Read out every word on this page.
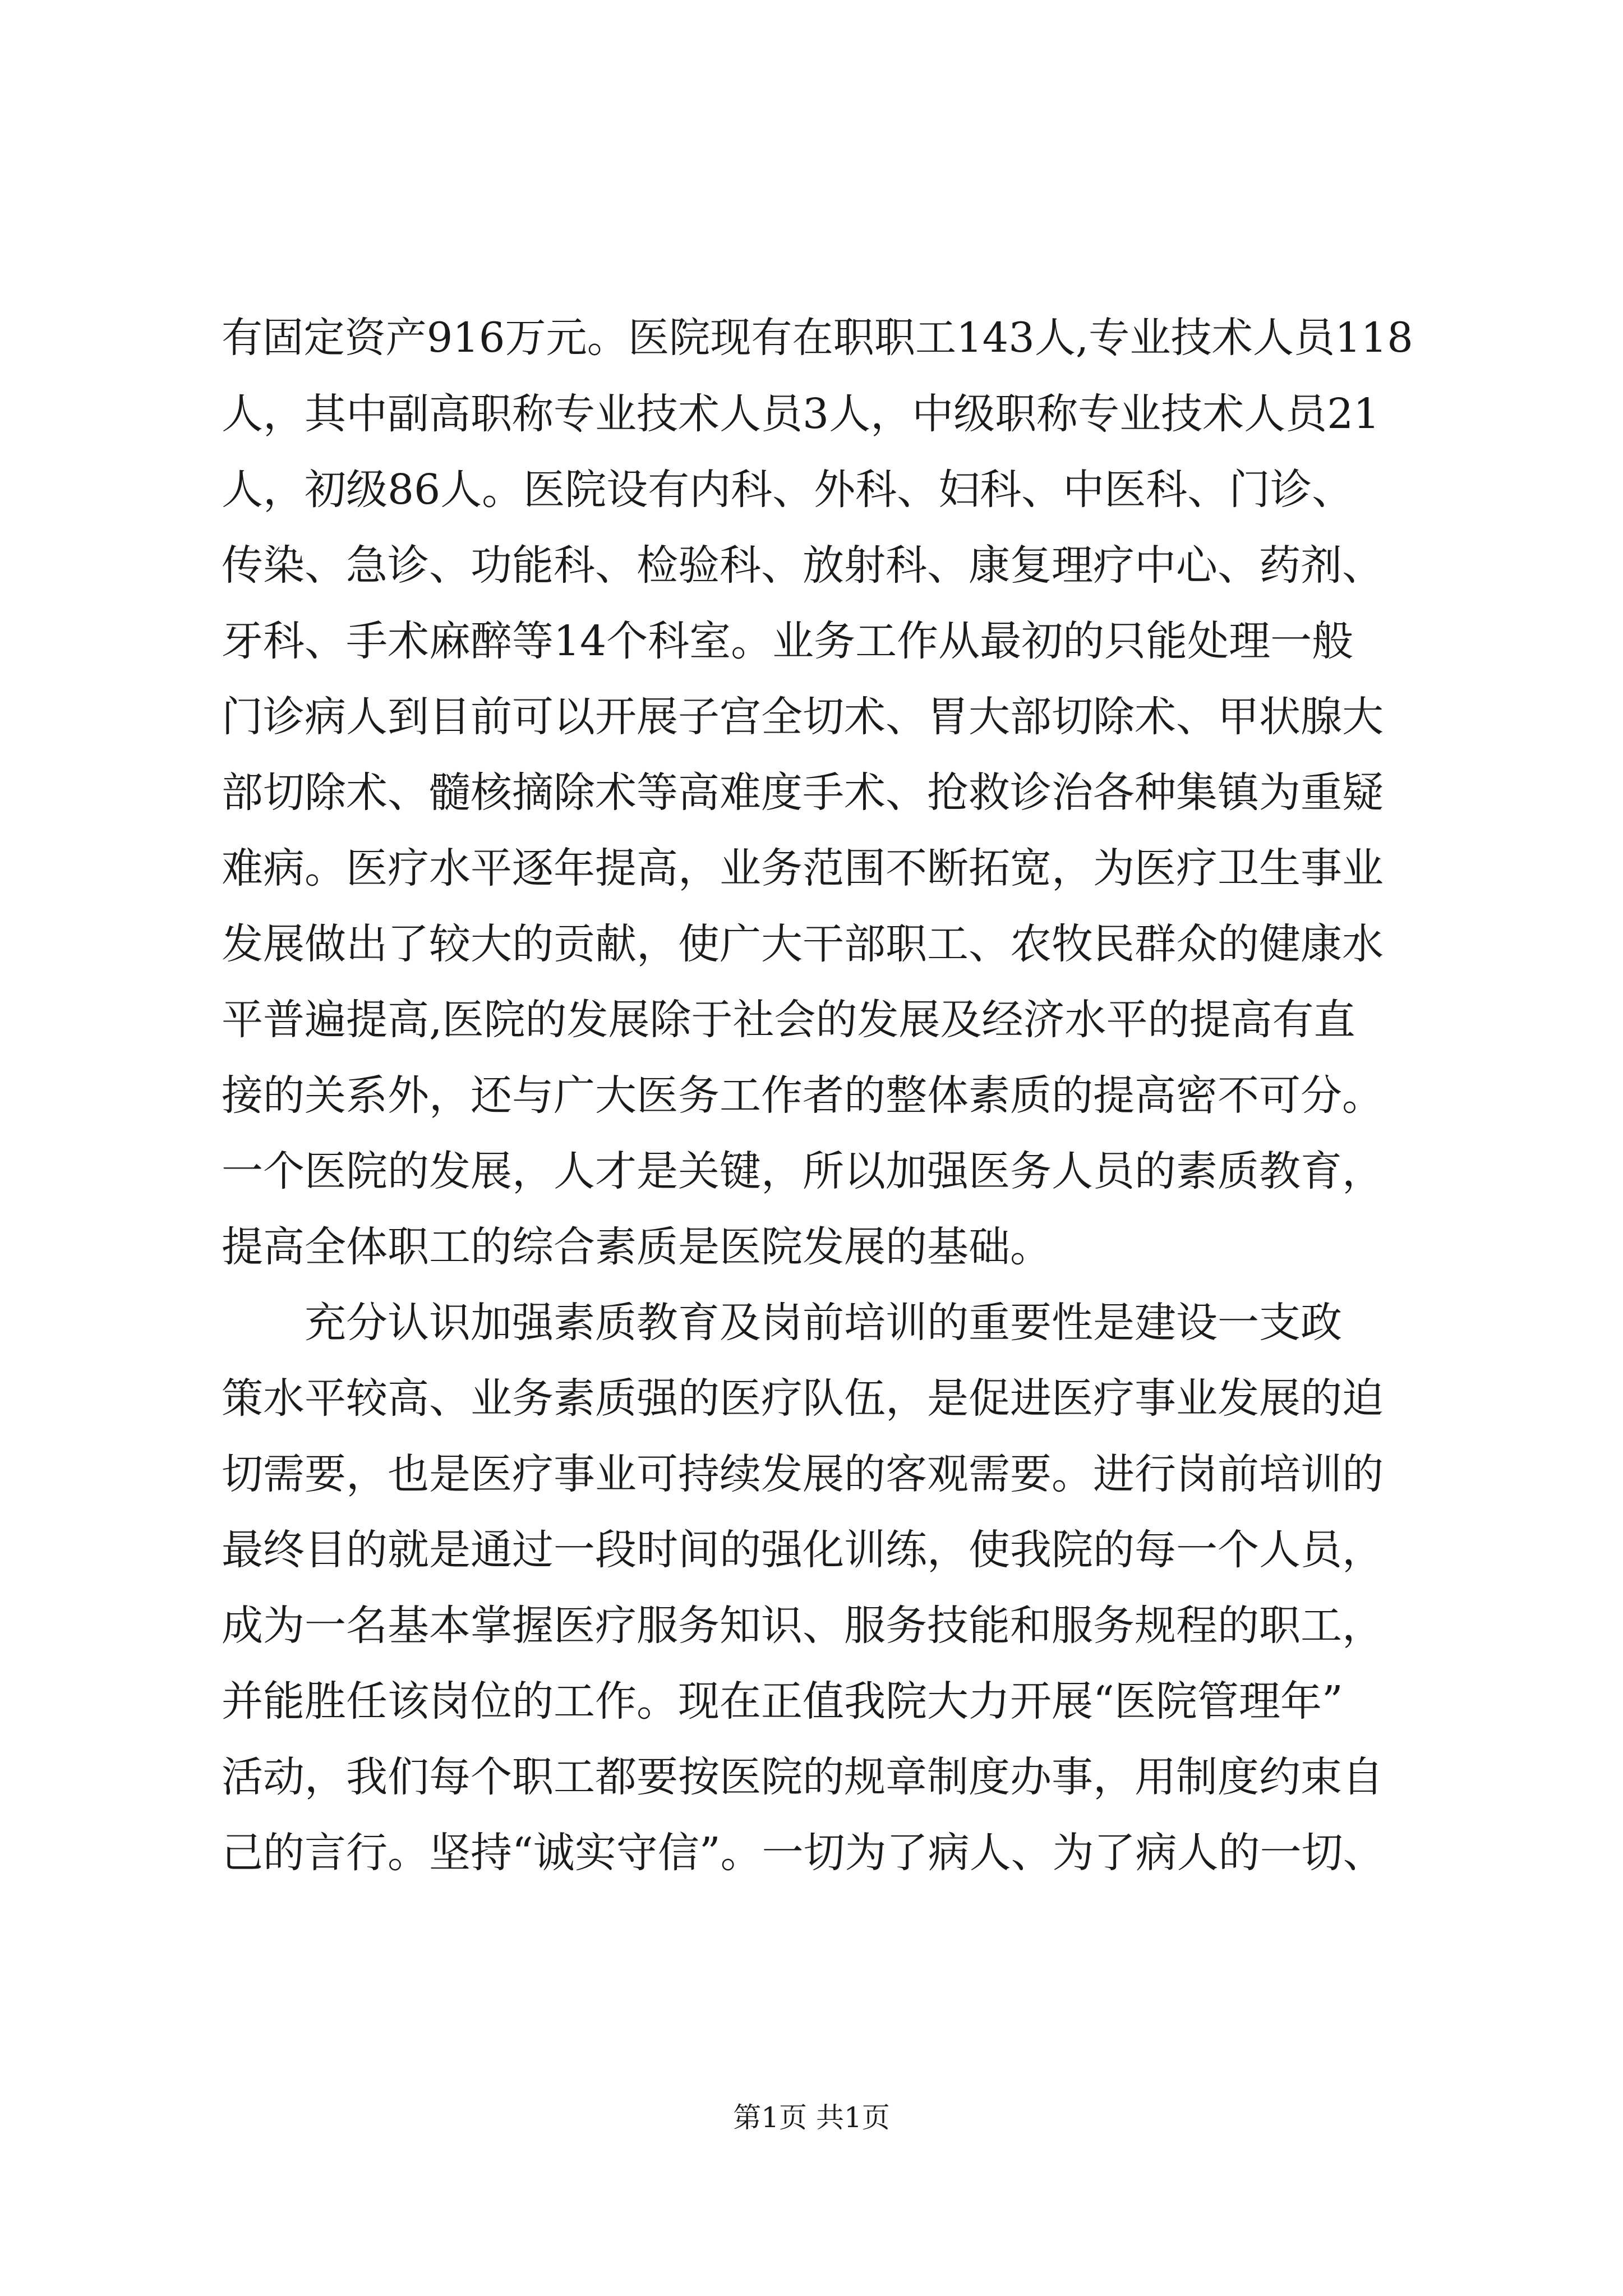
有固定资产916万元。医院现有在职职工143人,专业技术人员118
人，其中副高职称专业技术人员3人，中级职称专业技术人员21
人，初级86人。医院设有内科、外科、妇科、中医科、门诊、
传染、急诊、功能科、检验科、放射科、康复理疗中心、药剂、
牙科、手术麻醉等14个科室。业务工作从最初的只能处理一般
门诊病人到目前可以开展子宫全切术、胃大部切除术、甲状腺大
部切除术、髓核摘除术等高难度手术、抢救诊治各种集镇为重疑
难病。医疗水平逐年提高，业务范围不断拓宽，为医疗卫生事业
发展做出了较大的贡献，使广大干部职工、农牧民群众的健康水
平普遍提高,医院的发展除于社会的发展及经济水平的提高有直
接的关系外，还与广大医务工作者的整体素质的提高密不可分。
一个医院的发展，人才是关键，所以加强医务人员的素质教育，
提高全体职工的综合素质是医院发展的基础。
充分认识加强素质教育及岗前培训的重要性是建设一支政
策水平较高、业务素质强的医疗队伍，是促进医疗事业发展的迫
切需要，也是医疗事业可持续发展的客观需要。进行岗前培训的
最终目的就是通过一段时间的强化训练，使我院的每一个人员，
成为一名基本掌握医疗服务知识、服务技能和服务规程的职工，
并能胜任该岗位的工作。现在正值我院大力开展“医院管理年”
活动，我们每个职工都要按医院的规章制度办事，用制度约束自
己的言行。坚持“诚实守信”。一切为了病人、为了病人的一切、
第1页 共1页
